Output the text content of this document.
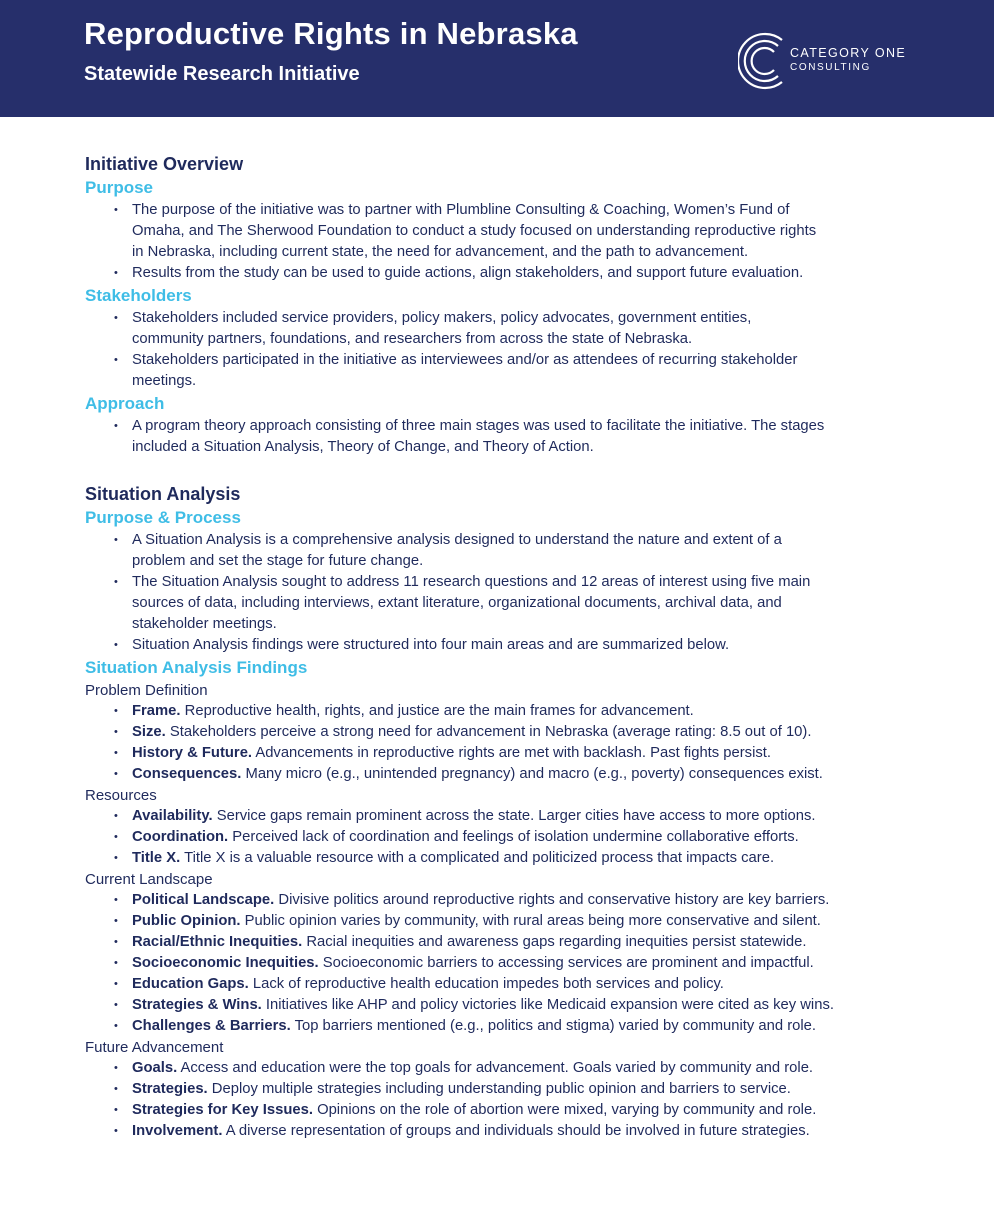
Reproductive Rights in Nebraska
Statewide Research Initiative
CATEGORY ONE
CONSULTING
Initiative Overview
Purpose
• The purpose of the initiative was to partner with Plumbline Consulting & Coaching, Women’s Fund of
Omaha, and The Sherwood Foundation to conduct a study focused on understanding reproductive rights
in Nebraska, including current state, the need for advancement, and the path to advancement.
• Results from the study can be used to guide actions, align stakeholders, and support future evaluation.
Stakeholders
• Stakeholders included service providers, policy makers, policy advocates, government entities,
community partners, foundations, and researchers from across the state of Nebraska.
• Stakeholders participated in the initiative as interviewees and/or as attendees of recurring stakeholder
meetings.
Approach
• A program theory approach consisting of three main stages was used to facilitate the initiative. The stages
included a Situation Analysis, Theory of Change, and Theory of Action.
Situation Analysis
Purpose & Process
• A Situation Analysis is a comprehensive analysis designed to understand the nature and extent of a
problem and set the stage for future change.
• The Situation Analysis sought to address 11 research questions and 12 areas of interest using five main
sources of data, including interviews, extant literature, organizational documents, archival data, and
stakeholder meetings.
• Situation Analysis findings were structured into four main areas and are summarized below.
Situation Analysis Findings
Problem Definition
• Frame. Reproductive health, rights, and justice are the main frames for advancement.
• Size. Stakeholders perceive a strong need for advancement in Nebraska (average rating: 8.5 out of 10).
• History & Future. Advancements in reproductive rights are met with backlash. Past fights persist.
• Consequences. Many micro (e.g., unintended pregnancy) and macro (e.g., poverty) consequences exist.
Resources
• Availability. Service gaps remain prominent across the state. Larger cities have access to more options.
• Coordination. Perceived lack of coordination and feelings of isolation undermine collaborative efforts.
• Title X. Title X is a valuable resource with a complicated and politicized process that impacts care.
Current Landscape
• Political Landscape. Divisive politics around reproductive rights and conservative history are key barriers.
• Public Opinion. Public opinion varies by community, with rural areas being more conservative and silent.
• Racial/Ethnic Inequities. Racial inequities and awareness gaps regarding inequities persist statewide.
• Socioeconomic Inequities. Socioeconomic barriers to accessing services are prominent and impactful.
• Education Gaps. Lack of reproductive health education impedes both services and policy.
• Strategies & Wins. Initiatives like AHP and policy victories like Medicaid expansion were cited as key wins.
• Challenges & Barriers. Top barriers mentioned (e.g., politics and stigma) varied by community and role.
Future Advancement
• Goals. Access and education were the top goals for advancement. Goals varied by community and role.
• Strategies. Deploy multiple strategies including understanding public opinion and barriers to service.
• Strategies for Key Issues. Opinions on the role of abortion were mixed, varying by community and role.
• Involvement. A diverse representation of groups and individuals should be involved in future strategies.
